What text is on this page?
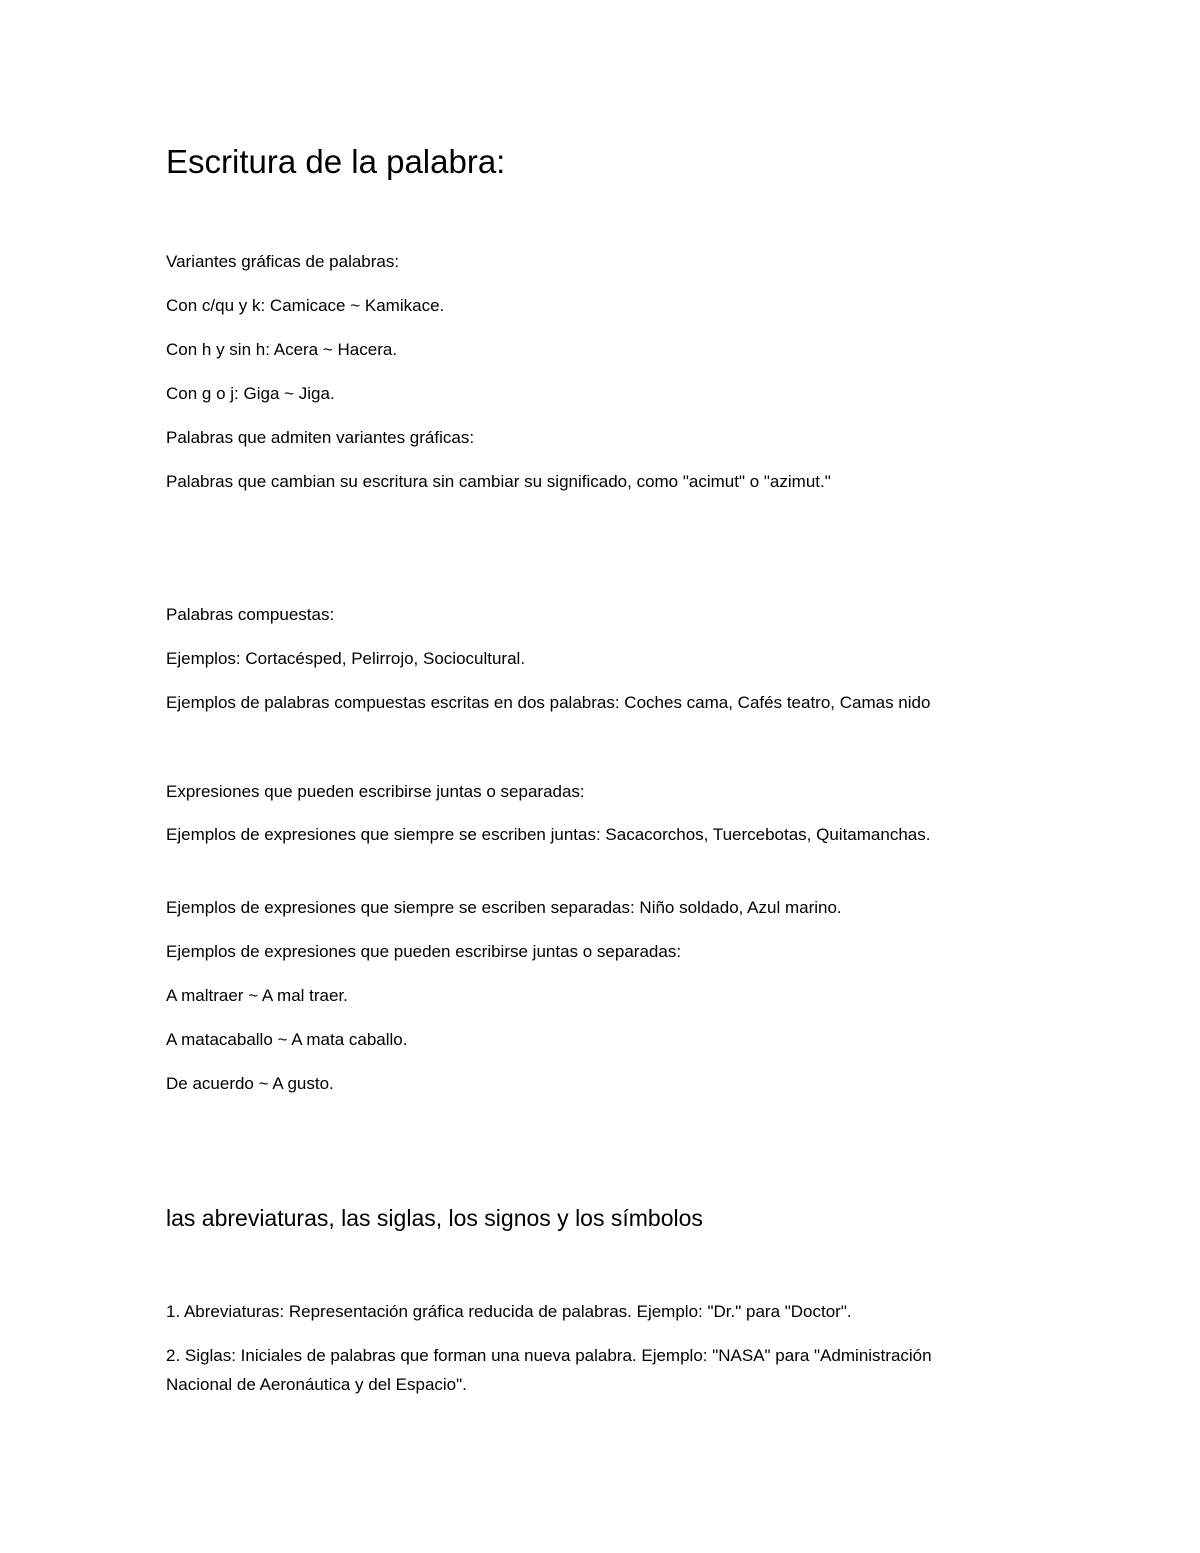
Escritura de la palabra:
Variantes gráficas de palabras:
Con c/qu y k: Camicace ~ Kamikace.
Con h y sin h: Acera ~ Hacera.
Con g o j: Giga ~ Jiga.
Palabras que admiten variantes gráficas:
Palabras que cambian su escritura sin cambiar su significado, como "acimut" o "azimut."
Palabras compuestas:
Ejemplos: Cortacésped, Pelirrojo, Sociocultural.
Ejemplos de palabras compuestas escritas en dos palabras: Coches cama, Cafés teatro, Camas nido
Expresiones que pueden escribirse juntas o separadas:
Ejemplos de expresiones que siempre se escriben juntas: Sacacorchos, Tuercebotas, Quitamanchas.
Ejemplos de expresiones que siempre se escriben separadas: Niño soldado, Azul marino.
Ejemplos de expresiones que pueden escribirse juntas o separadas:
A maltraer ~ A mal traer.
A matacaballo ~ A mata caballo.
De acuerdo ~ A gusto.
las abreviaturas, las siglas, los signos y los símbolos
1. Abreviaturas: Representación gráfica reducida de palabras. Ejemplo: "Dr." para "Doctor".
2. Siglas: Iniciales de palabras que forman una nueva palabra. Ejemplo: "NASA" para "Administración Nacional de Aeronáutica y del Espacio".
